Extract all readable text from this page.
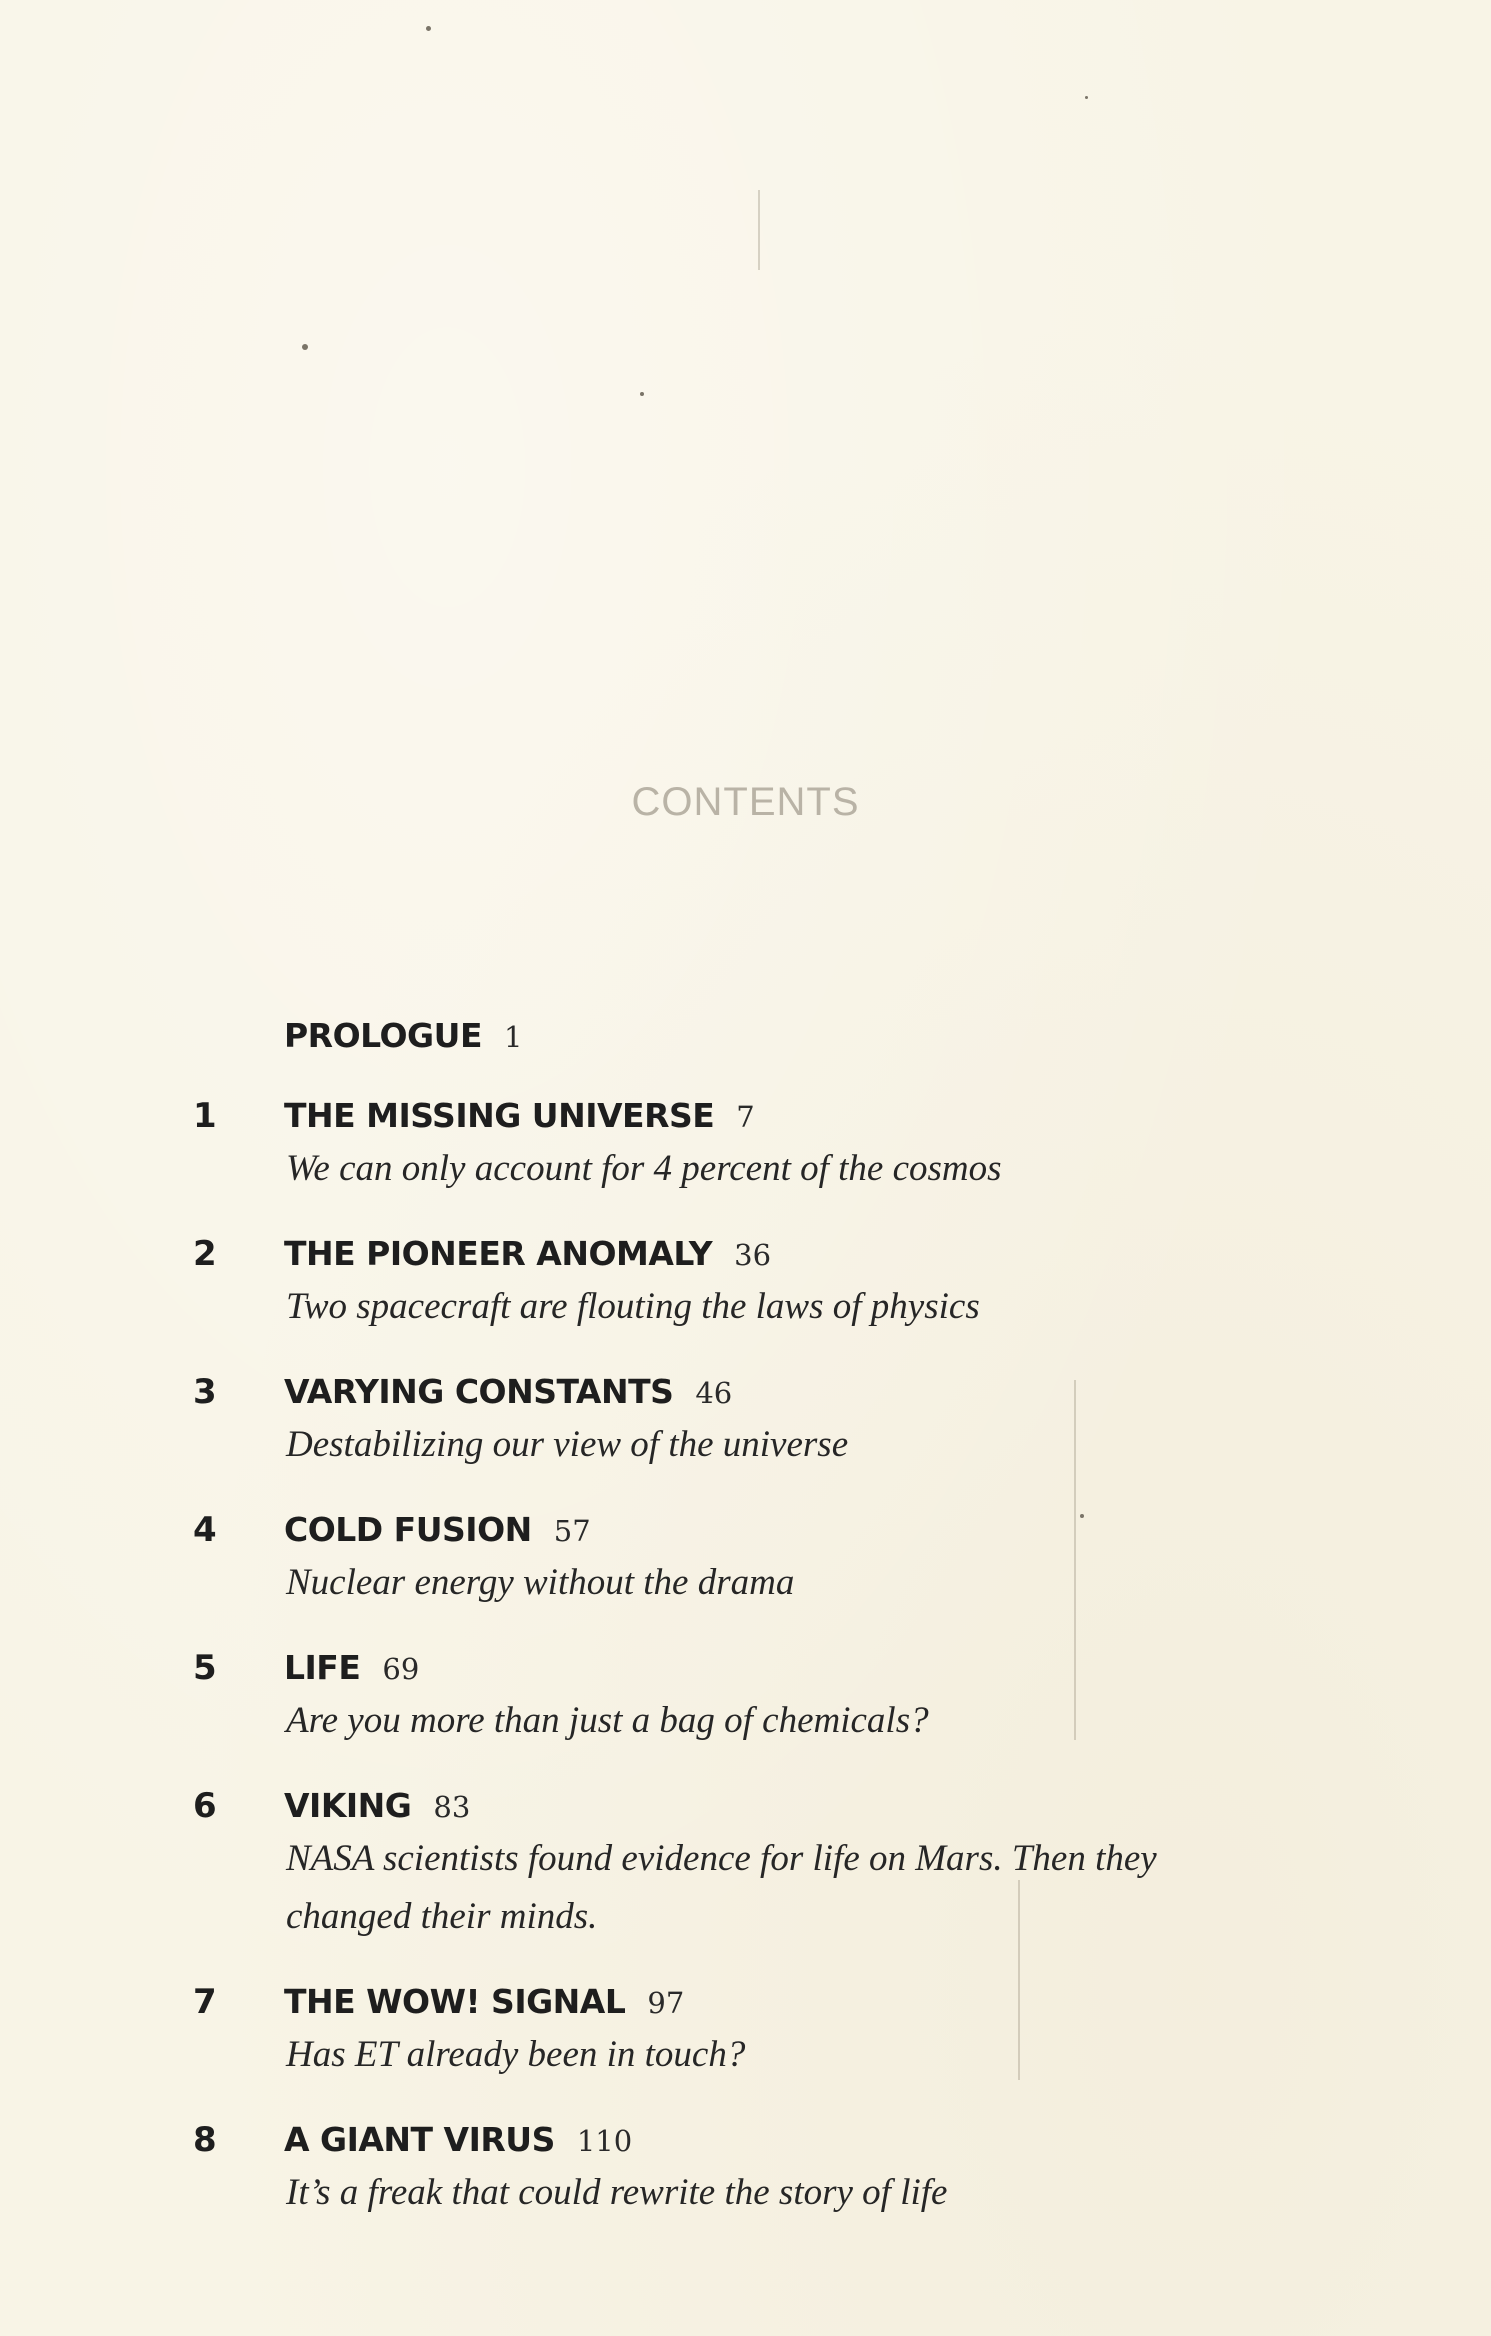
CONTENTS
PROLOGUE 1
1 THE MISSING UNIVERSE 7
We can only account for 4 percent of the cosmos
2 THE PIONEER ANOMALY 36
Two spacecraft are flouting the laws of physics
3 VARYING CONSTANTS 46
Destabilizing our view of the universe
4 COLD FUSION 57
Nuclear energy without the drama
5 LIFE 69
Are you more than just a bag of chemicals?
6 VIKING 83
NASA scientists found evidence for life on Mars. Then they changed their minds.
7 THE WOW! SIGNAL 97
Has ET already been in touch?
8 A GIANT VIRUS 110
It’s a freak that could rewrite the story of life
